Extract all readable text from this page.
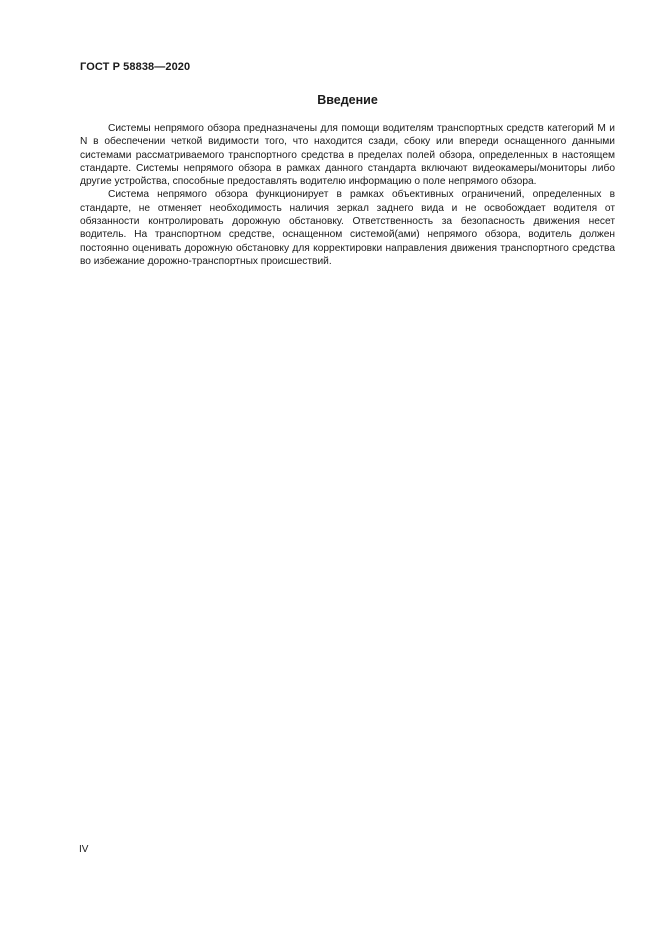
ГОСТ Р 58838—2020
Введение

Системы непрямого обзора предназначены для помощи водителям транспортных средств категорий M и N в обеспечении четкой видимости того, что находится сзади, сбоку или впереди оснащенного данными системами рассматриваемого транспортного средства в пределах полей обзора, определенных в настоящем стандарте. Системы непрямого обзора в рамках данного стандарта включают видеокамеры/мониторы либо другие устройства, способные предоставлять водителю информацию о поле непрямого обзора.

Система непрямого обзора функционирует в рамках объективных ограничений, определенных в стандарте, не отменяет необходимость наличия зеркал заднего вида и не освобождает водителя от обязанности контролировать дорожную обстановку. Ответственность за безопасность движения несет водитель. На транспортном средстве, оснащенном системой(ами) непрямого обзора, водитель должен постоянно оценивать дорожную обстановку для корректировки направления движения транспортного средства во избежание дорожно-транспортных происшествий.

IV
